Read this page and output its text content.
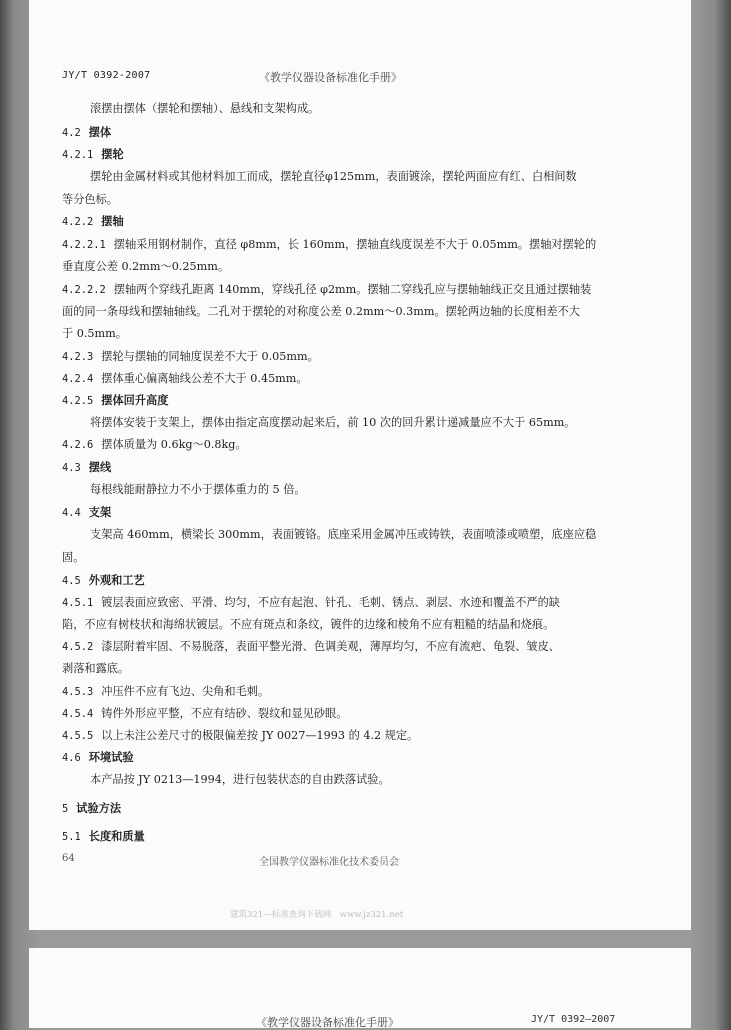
JY/T 0392-2007	《教学仪器设备标准化手册》
滚摆由摆体（摆轮和摆轴）、悬线和支架构成。
4.2 摆体
4.2.1 摆轮
摆轮由金属材料或其他材料加工而成，摆轮直径φ125mm，表面镀涂，摆轮两面应有红、白相间数
等分色标。
4.2.2 摆轴
4.2.2.1 摆轴采用钢材制作，直径 φ8mm，长 160mm，摆轴直线度误差不大于 0.05mm。摆轴对摆轮的
垂直度公差 0.2mm～0.25mm。
4.2.2.2 摆轴两个穿线孔距离 140mm，穿线孔径 φ2mm。摆轴二穿线孔应与摆轴轴线正交且通过摆轴装
面的同一条母线和摆轴轴线。二孔对于摆轮的对称度公差 0.2mm～0.3mm。摆轮两边轴的长度相差不大
于 0.5mm。
4.2.3 摆轮与摆轴的同轴度误差不大于 0.05mm。
4.2.4 摆体重心偏离轴线公差不大于 0.45mm。
4.2.5 摆体回升高度
将摆体安装于支架上，摆体由指定高度摆动起来后，前 10 次的回升累计递减量应不大于 65mm。
4.2.6 摆体质量为 0.6kg～0.8kg。
4.3 摆线
每根线能耐静拉力不小于摆体重力的 5 倍。
4.4 支架
支架高 460mm，横梁长 300mm，表面镀铬。底座采用金属冲压或铸铁，表面喷漆或喷塑，底座应稳
固。
4.5 外观和工艺
4.5.1 镀层表面应致密、平滑、均匀，不应有起泡、针孔、毛刺、锈点、剥层、水迹和覆盖不严的缺
陷，不应有树枝状和海绵状镀层。不应有斑点和条纹，镀件的边缘和棱角不应有粗糙的结晶和烧痕。
4.5.2 漆层附着牢固、不易脱落，表面平整光滑、色调美观，薄厚均匀，不应有流疤、龟裂、皱皮、
剥落和露底。
4.5.3 冲压件不应有飞边、尖角和毛刺。
4.5.4 铸件外形应平整，不应有结砂、裂纹和显见砂眼。
4.5.5 以上未注公差尺寸的极限偏差按 JY 0027—1993 的 4.2 规定。
4.6 环境试验
本产品按 JY 0213—1994，进行包装状态的自由跌落试验。
5 试验方法
5.1 长度和质量
64	全国教学仪器标准化技术委员会
建筑321—标准查询下载网　www.jz321.net
《教学仪器设备标准化手册》	JY/T 0392—2007
